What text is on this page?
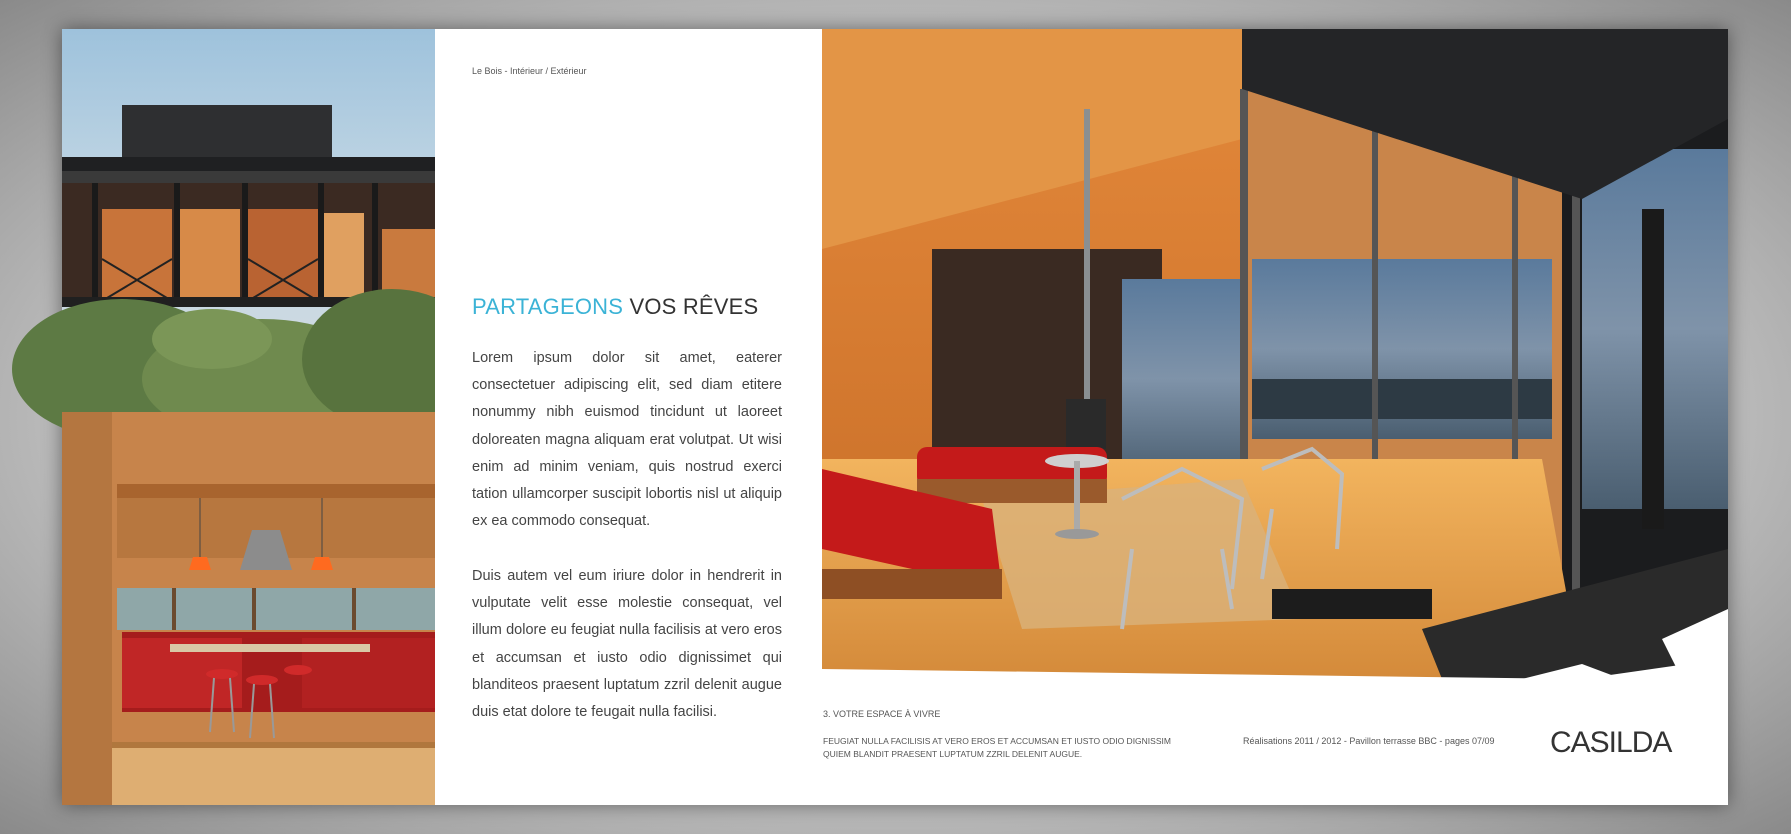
Le Bois - Intérieur / Extérieur
PARTAGEONS VOS RÊVES

Lorem ipsum dolor sit amet, eaterer consectetuer adipiscing elit, sed diam etitere nonummy nibh euismod tincidunt ut laoreet doloreaten magna aliquam erat volutpat. Ut wisi enim ad minim veniam, quis nostrud exerci tation ullamcorper suscipit lobortis nisl ut aliquip ex ea commodo consequat.

Duis autem vel eum iriure dolor in hendrerit in vulputate velit esse molestie consequat, vel illum dolore eu feugiat nulla facilisis at vero eros et accumsan et iusto odio dignissimet qui blanditeos praesent luptatum zzril delenit augue duis etat dolore te feugait nulla facilisi.	3. VOTRE ESPACE À VIVRE
FEUGIAT NULLA FACILISIS AT VERO EROS ET ACCUMSAN ET IUSTO ODIO DIGNISSIM QUIEM BLANDIT PRAESENT LUPTATUM ZZRIL DELENIT AUGUE.
Réalisations 2011 / 2012 - Pavillon terrasse BBC - pages 07/09 CASILDA
